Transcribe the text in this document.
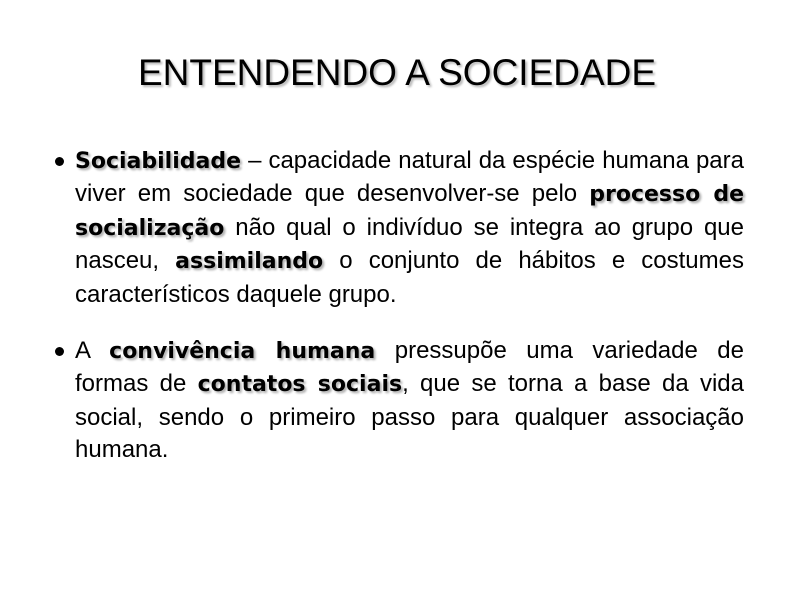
ENTENDENDO A SOCIEDADE
Sociabilidade – capacidade natural da espécie humana para viver em sociedade que desenvolver-se pelo processo de socialização não qual o indivíduo se integra ao grupo que nasceu, assimilando o conjunto de hábitos e costumes característicos daquele grupo.
A convivência humana pressupõe uma variedade de formas de contatos sociais, que se torna a base da vida social, sendo o primeiro passo para qualquer associação humana.
